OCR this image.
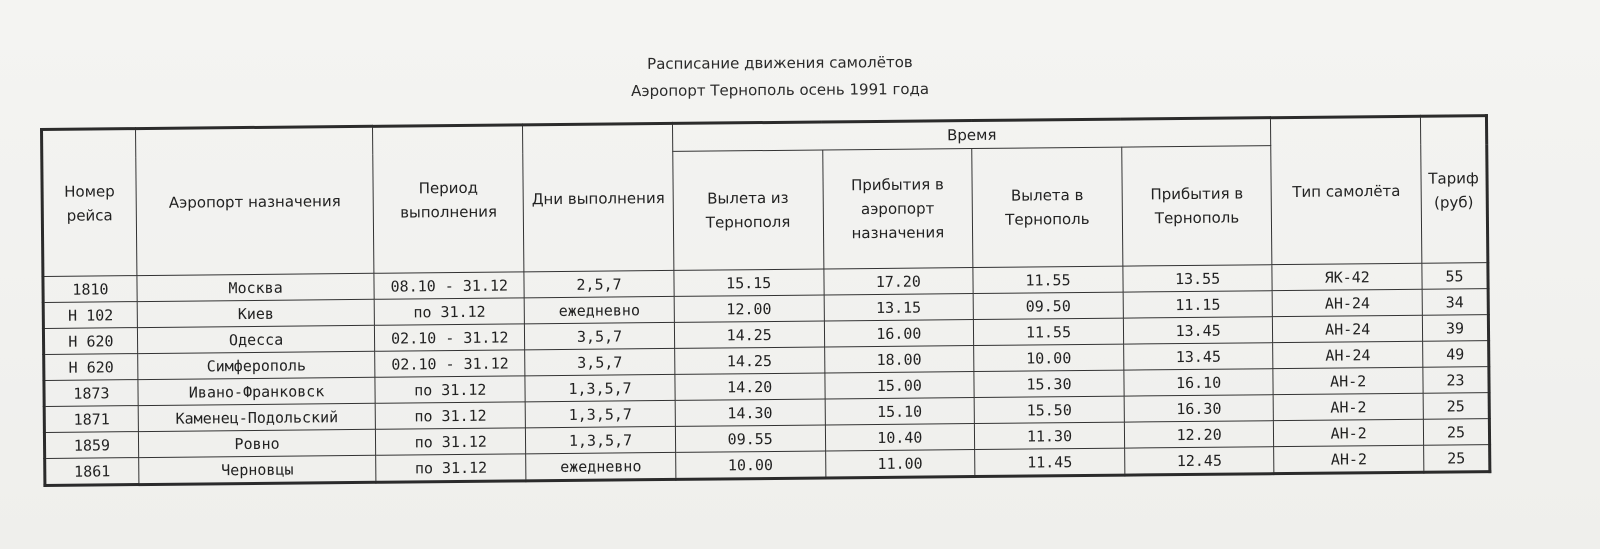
Расписание движения самолётов
Аэропорт Тернополь осень 1991 года
Номер рейса	Аэропорт назначения	Период выполнения	Дни выполнения	Время				Тип самолёта	Тариф (руб)
				Вылета из Тернополя	Прибытия в аэропорт назначения	Вылета в Тернополь	Прибытия в Тернополь		
1810	Москва	08.10 - 31.12	2,5,7	15.15	17.20	11.55	13.55	ЯК-42	55
Н 102	Киев	по 31.12	ежедневно	12.00	13.15	09.50	11.15	АН-24	34
Н 620	Одесса	02.10 - 31.12	3,5,7	14.25	16.00	11.55	13.45	АН-24	39
Н 620	Симферополь	02.10 - 31.12	3,5,7	14.25	18.00	10.00	13.45	АН-24	49
1873	Ивано-Франковск	по 31.12	1,3,5,7	14.20	15.00	15.30	16.10	АН-2	23
1871	Каменец-Подольский	по 31.12	1,3,5,7	14.30	15.10	15.50	16.30	АН-2	25
1859	Ровно	по 31.12	1,3,5,7	09.55	10.40	11.30	12.20	АН-2	25
1861	Черновцы	по 31.12	ежедневно	10.00	11.00	11.45	12.45	АН-2	25
